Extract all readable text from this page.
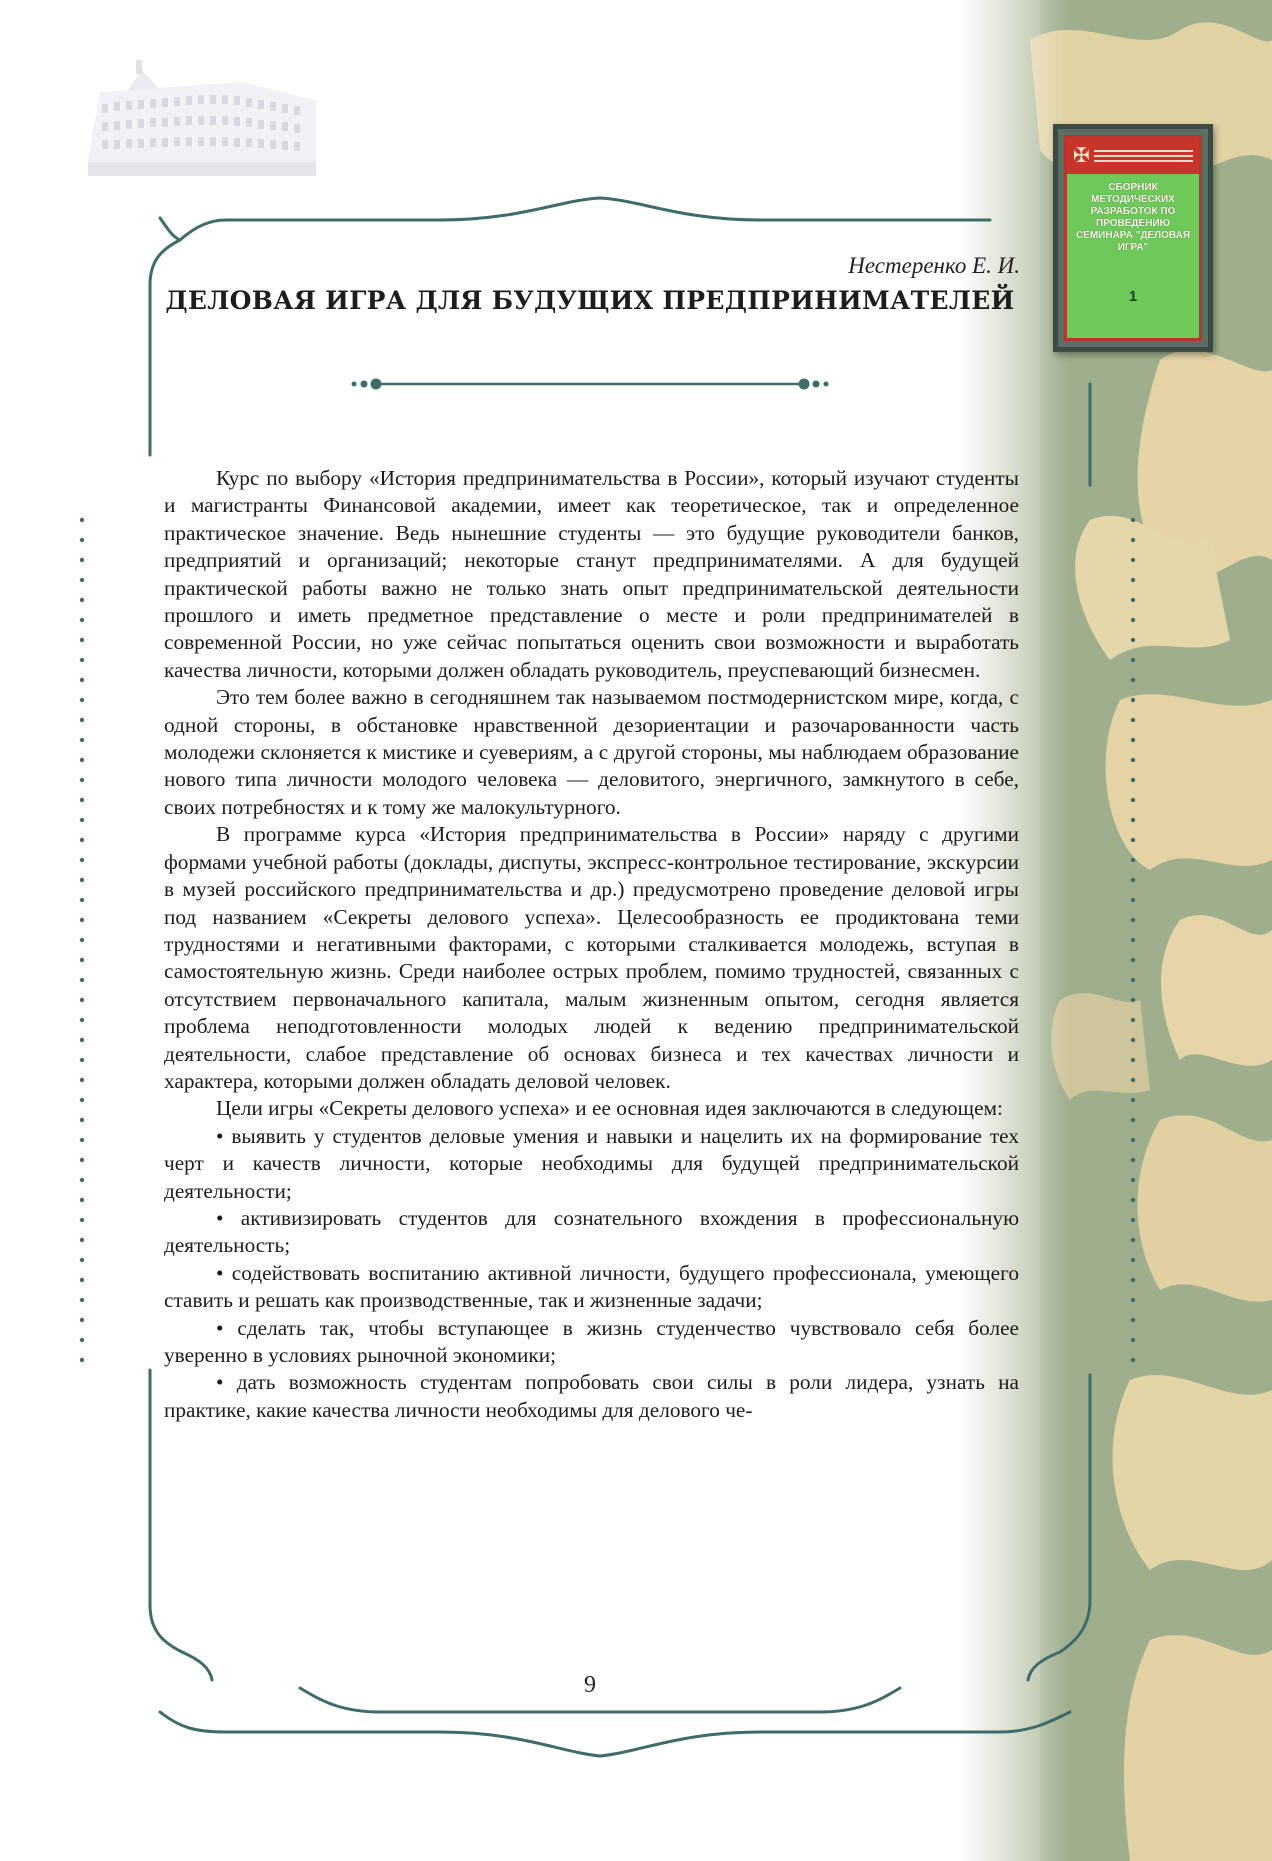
✠
СБОРНИК МЕТОДИЧЕСКИХ РАЗРАБОТОК ПО ПРОВЕДЕНИЮ СЕМИНАРА "ДЕЛОВАЯ ИГРА"
1
Нестеренко Е. И.
ДЕЛОВАЯ ИГРА ДЛЯ БУДУЩИХ ПРЕДПРИНИМАТЕЛЕЙ

Курс по выбору «История предпринимательства в России», который изучают студенты и магистранты Финансовой академии, имеет как теоретическое, так и определенное практическое значение. Ведь нынешние студенты — это будущие руководители банков, предприятий и организаций; некоторые станут предпринимателями. А для будущей практической работы важно не только знать опыт предпринимательской деятельности прошлого и иметь предметное представление о месте и роли предпринимателей в современной России, но уже сейчас попытаться оценить свои возможности и выработать качества личности, которыми должен обладать руководитель, преуспевающий бизнесмен.

Это тем более важно в сегодняшнем так называемом постмодернистском мире, когда, с одной стороны, в обстановке нравственной дезориентации и разочарованности часть молодежи склоняется к мистике и суевериям, а с другой стороны, мы наблюдаем образование нового типа личности молодого человека — деловитого, энергичного, замкнутого в себе, своих потребностях и к тому же малокультурного.

В программе курса «История предпринимательства в России» наряду с другими формами учебной работы (доклады, диспуты, экспресс-контрольное тестирование, экскурсии в музей российского предпринимательства и др.) предусмотрено проведение деловой игры под названием «Секреты делового успеха». Целесообразность ее продиктована теми трудностями и негативными факторами, с которыми сталкивается молодежь, вступая в самостоятельную жизнь. Среди наиболее острых проблем, помимо трудностей, связанных с отсутствием первоначального капитала, малым жизненным опытом, сегодня является проблема неподготовленности молодых людей к ведению предпринимательской деятельности, слабое представление об основах бизнеса и тех качествах личности и характера, которыми должен обладать деловой человек.

Цели игры «Секреты делового успеха» и ее основная идея заключаются в следующем:

• выявить у студентов деловые умения и навыки и нацелить их на формирование тех черт и качеств личности, которые необходимы для будущей предпринимательской деятельности;

• активизировать студентов для сознательного вхождения в профессиональную деятельность;

• содействовать воспитанию активной личности, будущего профессионала, умеющего ставить и решать как производственные, так и жизненные задачи;

• сделать так, чтобы вступающее в жизнь студенчество чувствовало себя более уверенно в условиях рыночной экономики;

• дать возможность студентам попробовать свои силы в роли лидера, узнать на практике, какие качества личности необходимы для делового че-

9
